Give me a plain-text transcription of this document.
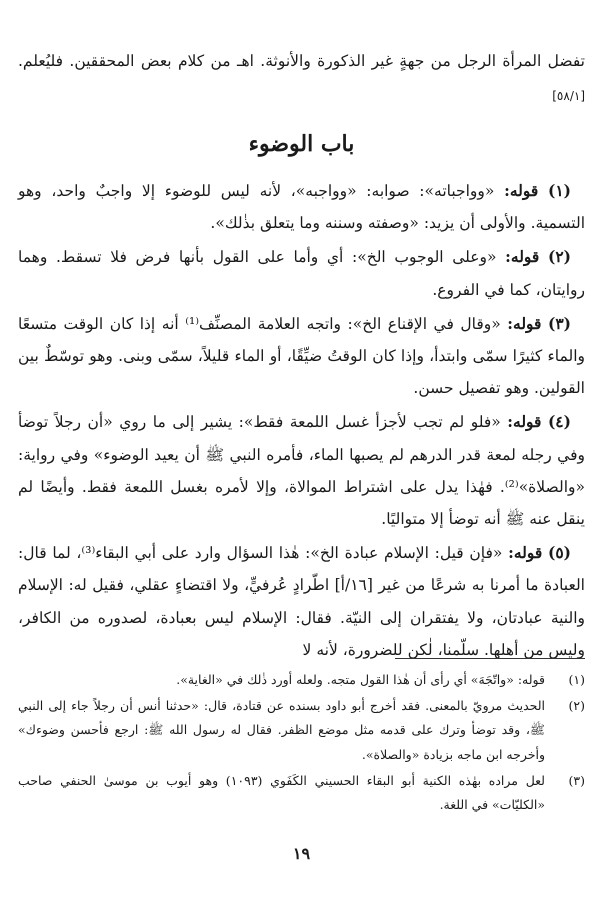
تفضل المرأة الرجل من جهةٍ غير الذكورة والأنوثة. اهـ من كلام بعض المحققين. فليُعلم. [٥٨/١]

باب الوضوء

(١) قوله: «وواجباته»: صوابه: «وواجبه»، لأنه ليس للوضوء إلا واجبٌ واحد، وهو التسمية. والأولى أن يزيد: «وصفته وسننه وما يتعلق بذٰلك».

(٢) قوله: «وعلى الوجوب الخ»: أي وأما على القول بأنها فرض فلا تسقط. وهما روايتان، كما في الفروع.

(٣) قوله: «وقال في الإقناع الخ»: واتجه العلامة المصنِّف⁽¹⁾ أنه إذا كان الوقت متسعًا والماء كثيرًا سمّى وابتدأ، وإذا كان الوقتُ ضيِّقًا، أو الماء قليلاً، سمّى وبنى. وهو توسّطٌ بين القولين. وهو تفصيل حسن.

(٤) قوله: «فلو لم تجب لأجزأ غسل اللمعة فقط»: يشير إلى ما روي «أن رجلاً توضأ وفي رجله لمعة قدر الدرهم لم يصبها الماء، فأمره النبي ﷺ أن يعيد الوضوء» وفي رواية: «والصلاة»⁽²⁾. فهٰذا يدل على اشتراط الموالاة، وإلا لأمره بغسل اللمعة فقط. وأيضًا لم ينقل عنه ﷺ أنه توضأ إلا متواليًا.

(٥) قوله: «فإن قيل: الإسلام عبادة الخ»: هٰذا السؤال وارد على أبي البقاء⁽³⁾، لما قال: العبادة ما أمرنا به شرعًا من غير [١٦/أ] اطّرادٍ عُرفيٍّ، ولا اقتضاءٍ عقلي، فقيل له: الإسلام والنية عبادتان، ولا يفتقران إلى النيّة. فقال: الإسلام ليس بعبادة، لصدوره من الكافر، وليس من أهلها. سلّمنا، لٰكن للضرورة، لأنه لا

(١)
قوله: «واتّجَهَ» أي رأى أن هٰذا القول متجه. ولعله أورد ذٰلك في «الغاية».
(٢)
الحديث مرويّ بالمعنى. فقد أخرج أبو داود بسنده عن قتادة، قال: «حدثنا أنس أن رجلاً جاء إلى النبي ﷺ، وقد توضأ وترك على قدمه مثل موضع الظفر. فقال له رسول الله ﷺ: ارجع فأحسن وضوءك» وأخرجه ابن ماجه بزيادة «والصلاة».
(٣)
لعل مراده بهٰذه الكنية أبو البقاء الحسيني الكَفَوي (١٠٩٣) وهو أيوب بن موسىٰ الحنفي صاحب «الكليّات» في اللغة.
١٩
